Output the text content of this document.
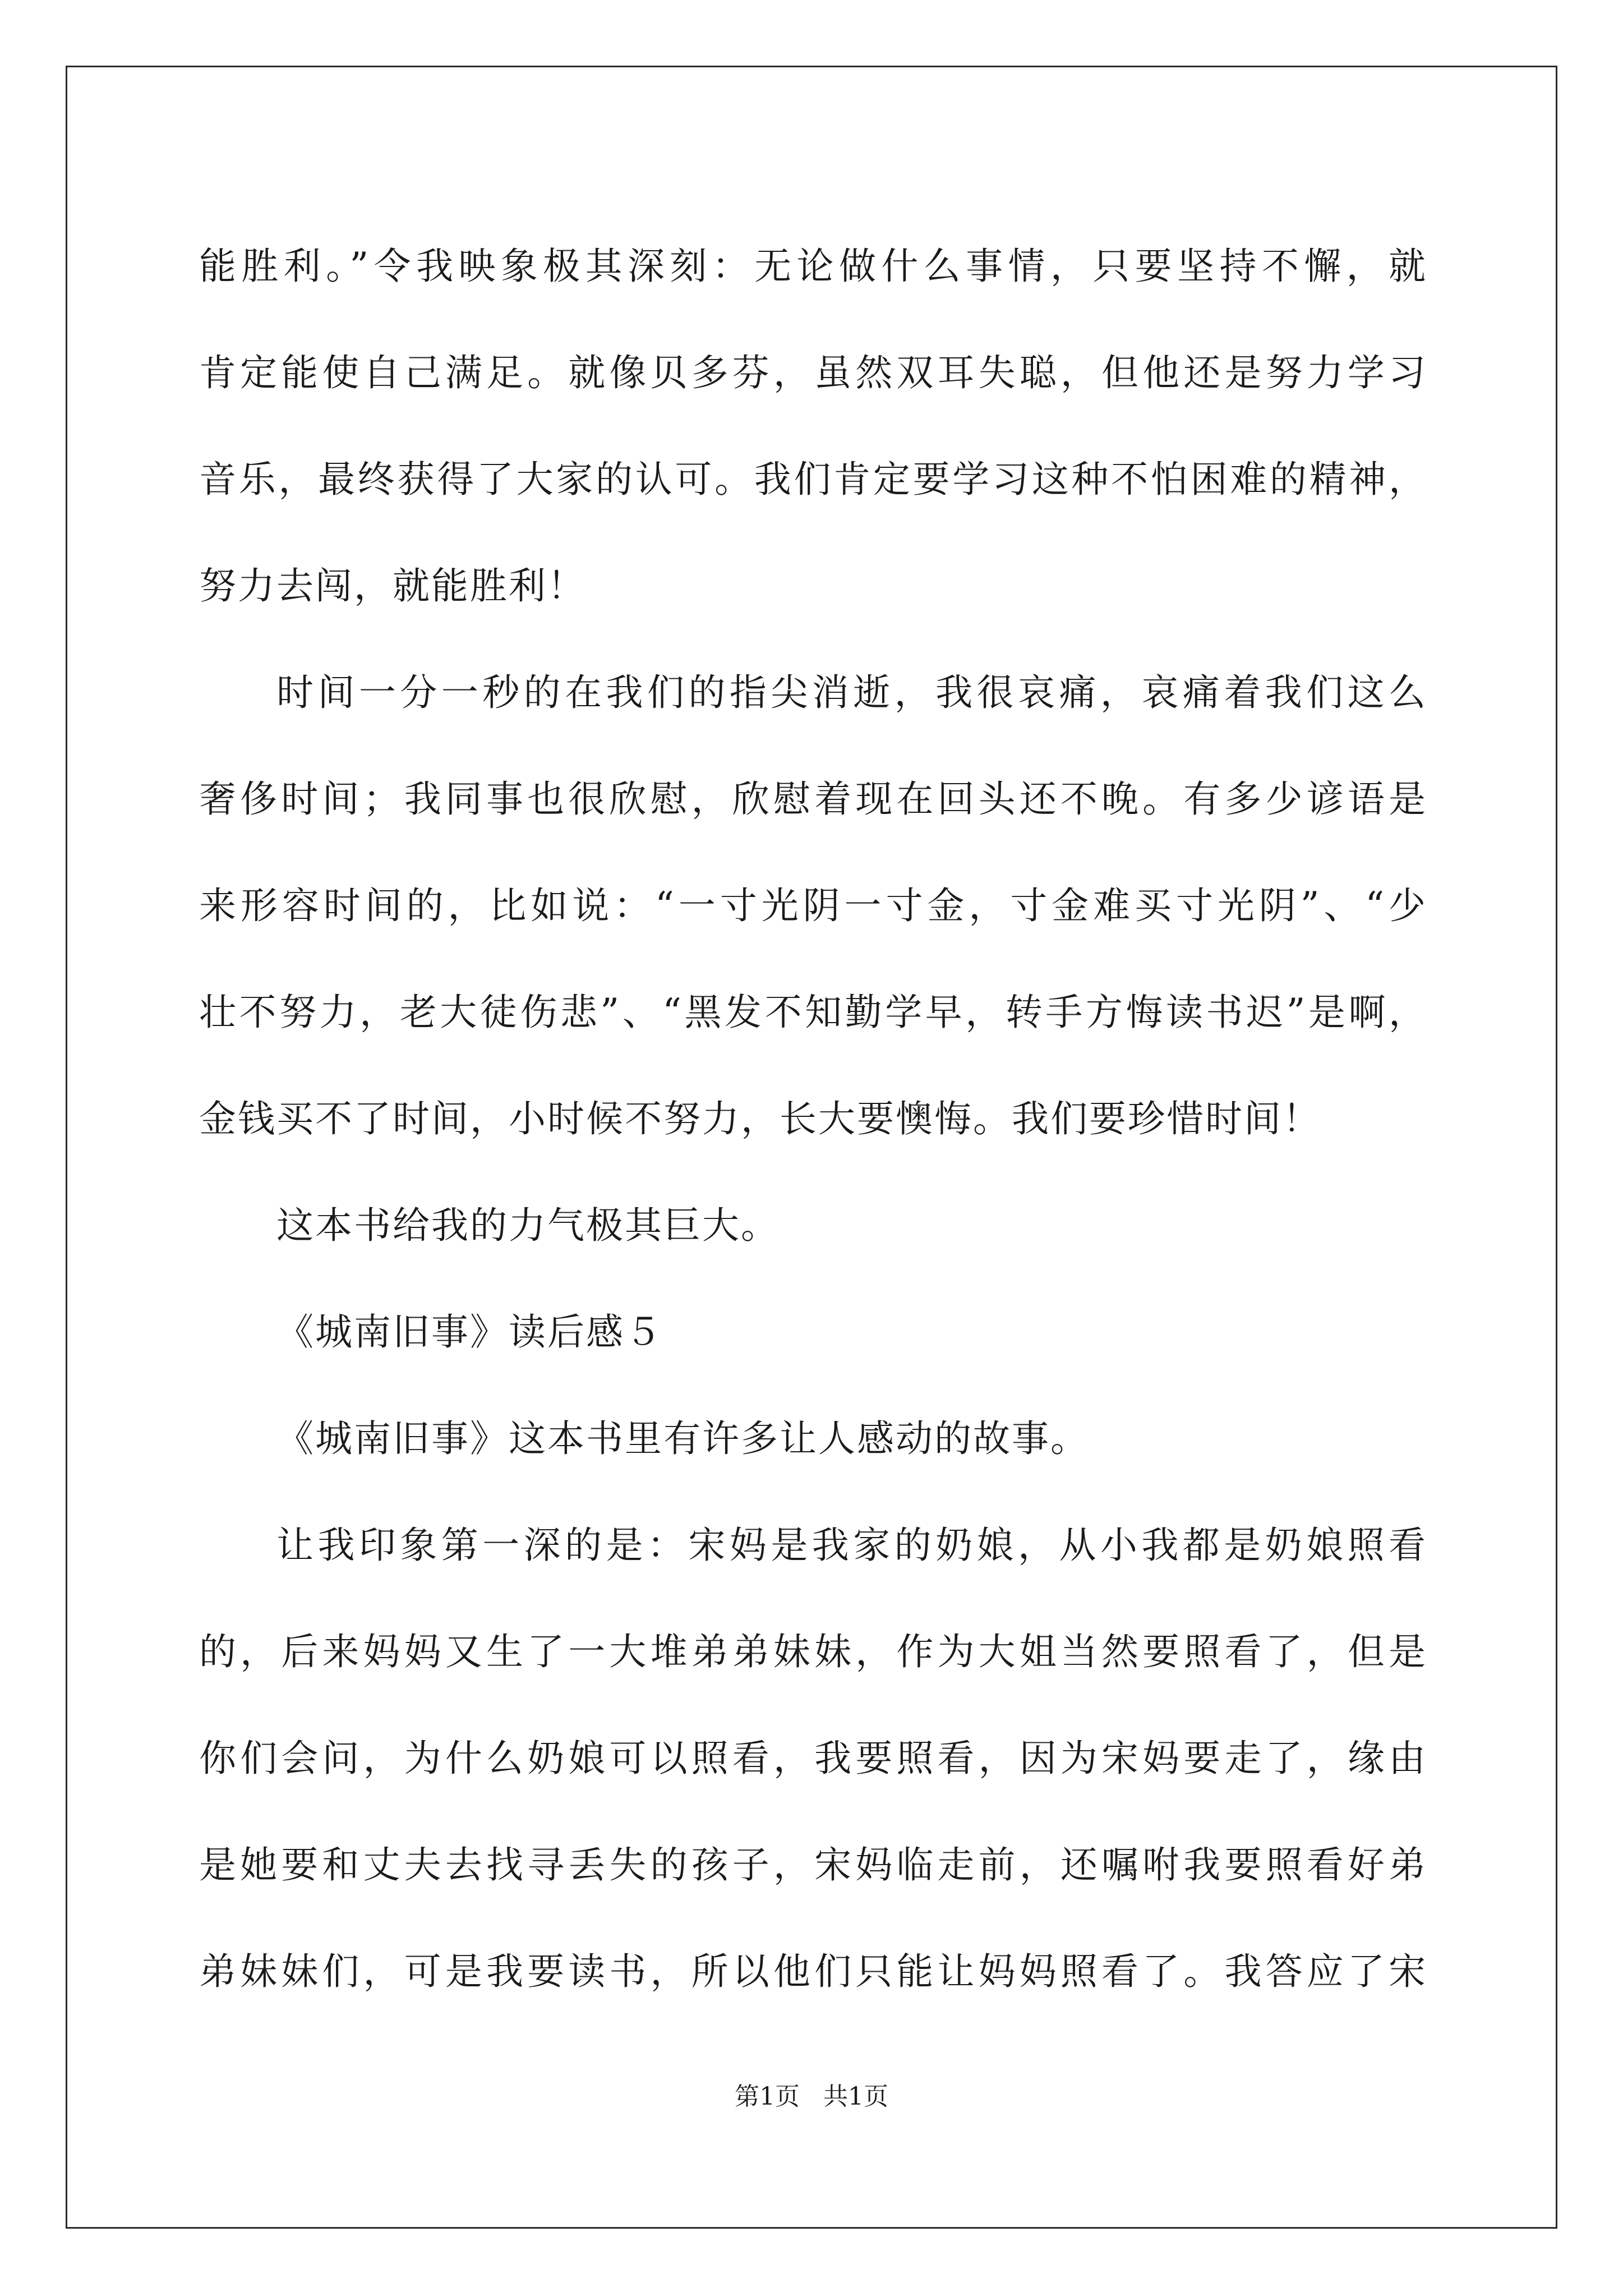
能胜利。”令我映象极其深刻：无论做什么事情，只要坚持不懈，就
肯定能使自己满足。就像贝多芬，虽然双耳失聪，但他还是努力学习
音乐，最终获得了大家的认可。我们肯定要学习这种不怕困难的精神，
努力去闯，就能胜利！
时间一分一秒的在我们的指尖消逝，我很哀痛，哀痛着我们这么
奢侈时间；我同事也很欣慰，欣慰着现在回头还不晚。有多少谚语是
来形容时间的，比如说：“一寸光阴一寸金，寸金难买寸光阴”、“少
壮不努力，老大徒伤悲”、“黑发不知勤学早，转手方悔读书迟”是啊，
金钱买不了时间，小时候不努力，长大要懊悔。我们要珍惜时间！
这本书给我的力气极其巨大。
《城南旧事》读后感５
《城南旧事》这本书里有许多让人感动的故事。
让我印象第一深的是：宋妈是我家的奶娘，从小我都是奶娘照看
的，后来妈妈又生了一大堆弟弟妹妹，作为大姐当然要照看了，但是
你们会问，为什么奶娘可以照看，我要照看，因为宋妈要走了，缘由
是她要和丈夫去找寻丢失的孩子，宋妈临走前，还嘱咐我要照看好弟
弟妹妹们，可是我要读书，所以他们只能让妈妈照看了。我答应了宋
第1页   共1页
